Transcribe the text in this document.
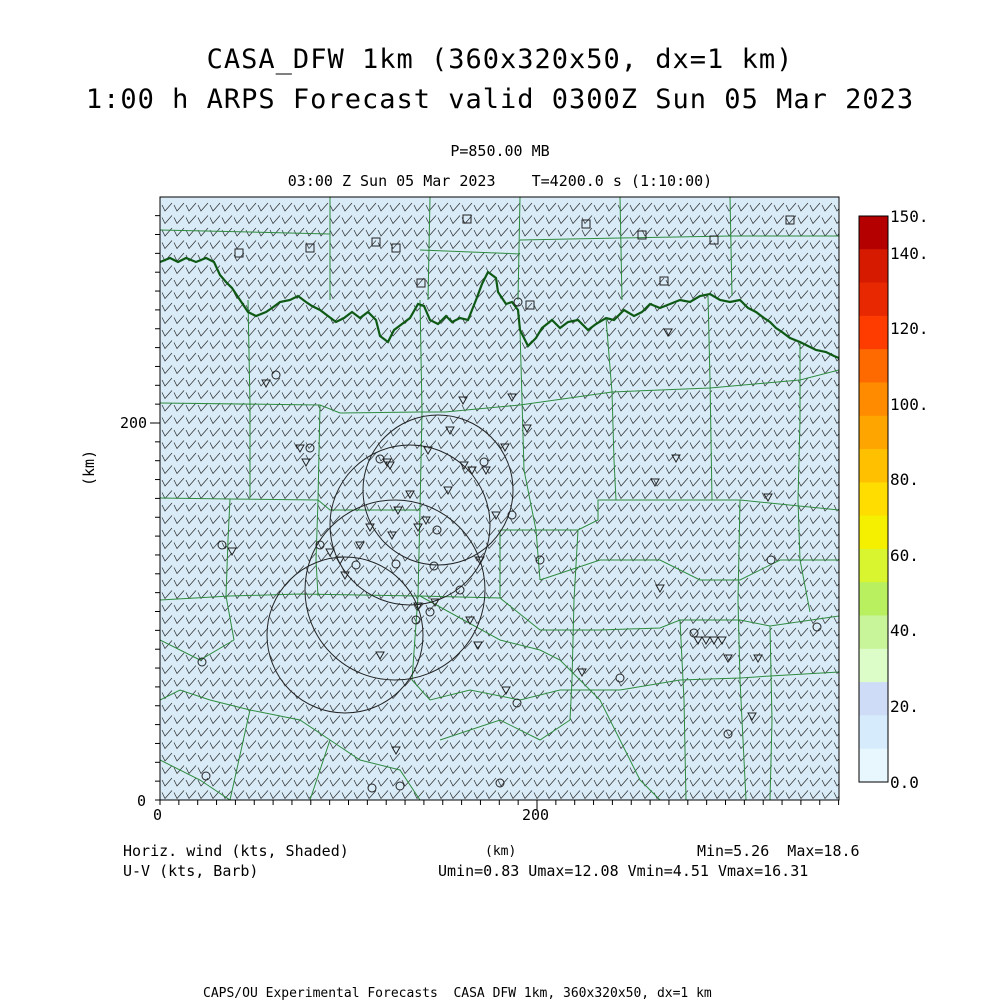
CASA_DFW 1km (360x320x50, dx=1 km)
1:00 h ARPS Forecast valid 0300Z Sun 05 Mar 2023
P=850.00 MB
03:00 Z Sun 05 Mar 2023    T=4200.0 s (1:10:00)
(km)
200
0
0	200
150.
140.
120.
100.
80.
60.
40.
20.
0.0
Horiz. wind (kts, Shaded)
U-V (kts, Barb)
(km)	Min=5.26  Max=18.6
Umin=0.83 Umax=12.08 Vmin=4.51 Vmax=16.31
CAPS/OU Experimental Forecasts  CASA DFW 1km, 360x320x50, dx=1 km
